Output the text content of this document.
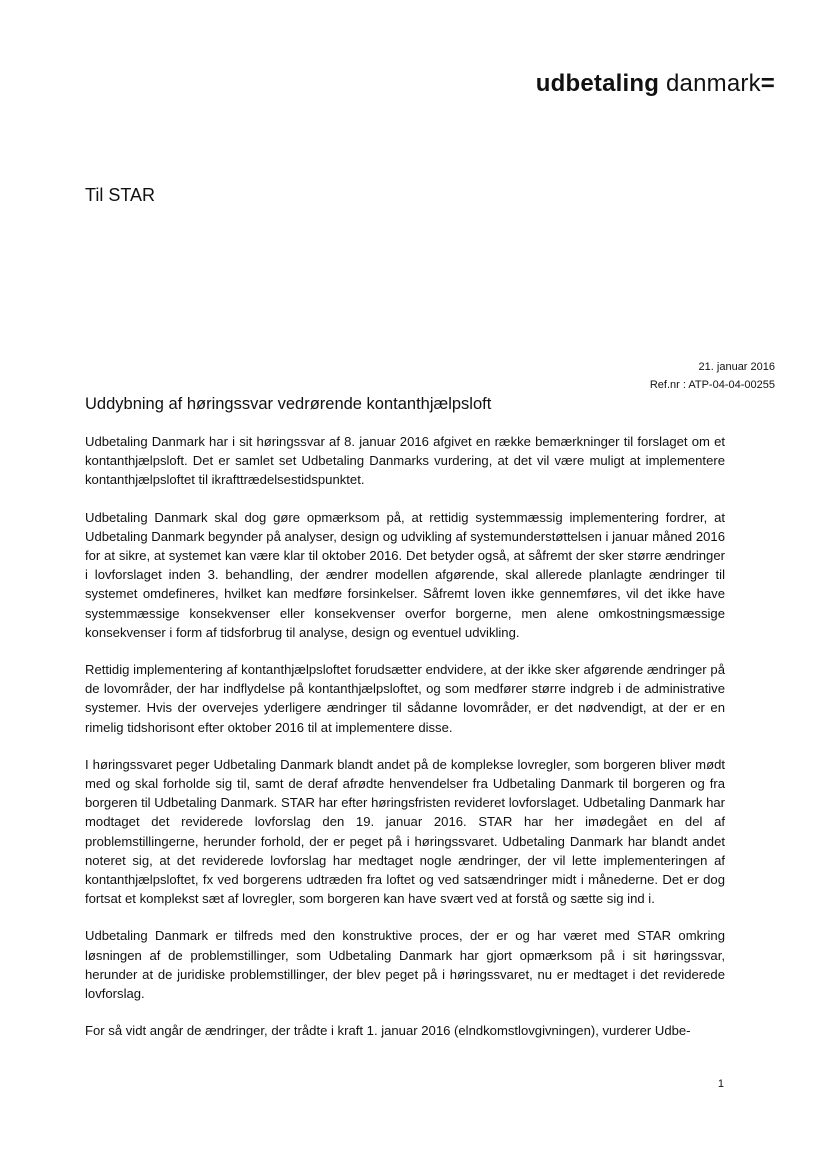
udbetaling danmark=
Til STAR
21. januar 2016
Ref.nr : ATP-04-04-00255
Uddybning af høringssvar vedrørende kontanthjælpsloft

Udbetaling Danmark har i sit høringssvar af 8. januar 2016 afgivet en række bemærkninger til forslaget om et kontanthjælpsloft. Det er samlet set Udbetaling Danmarks vurdering, at det vil være muligt at implementere kontanthjælpsloftet til ikrafttrædelsestidspunktet.

Udbetaling Danmark skal dog gøre opmærksom på, at rettidig systemmæssig implementering fordrer, at Udbetaling Danmark begynder på analyser, design og udvikling af systemunderstøttelsen i januar måned 2016 for at sikre, at systemet kan være klar til oktober 2016. Det betyder også, at såfremt der sker større ændringer i lovforslaget inden 3. behandling, der ændrer modellen afgørende, skal allerede planlagte ændringer til systemet omdefineres, hvilket kan medføre forsinkelser. Såfremt loven ikke gennemføres, vil det ikke have systemmæssige konsekvenser eller konsekvenser overfor borgerne, men alene omkostningsmæssige konsekvenser i form af tidsforbrug til analyse, design og eventuel udvikling.

Rettidig implementering af kontanthjælpsloftet forudsætter endvidere, at der ikke sker afgørende ændringer på de lovområder, der har indflydelse på kontanthjælpsloftet, og som medfører større indgreb i de administrative systemer. Hvis der overvejes yderligere ændringer til sådanne lovområder, er det nødvendigt, at der er en rimelig tidshorisont efter oktober 2016 til at implementere disse.

I høringssvaret peger Udbetaling Danmark blandt andet på de komplekse lovregler, som borgeren bliver mødt med og skal forholde sig til, samt de deraf afrødte henvendelser fra Udbetaling Danmark til borgeren og fra borgeren til Udbetaling Danmark. STAR har efter høringsfristen revideret lovforslaget. Udbetaling Danmark har modtaget det reviderede lovforslag den 19. januar 2016. STAR har her imødegået en del af problemstillingerne, herunder forhold, der er peget på i høringssvaret. Udbetaling Danmark har blandt andet noteret sig, at det reviderede lovforslag har medtaget nogle ændringer, der vil lette implementeringen af kontanthjælpsloftet, fx ved borgerens udtræden fra loftet og ved satsændringer midt i månederne. Det er dog fortsat et komplekst sæt af lovregler, som borgeren kan have svært ved at forstå og sætte sig ind i.

Udbetaling Danmark er tilfreds med den konstruktive proces, der er og har været med STAR omkring løsningen af de problemstillinger, som Udbetaling Danmark har gjort opmærksom på i sit høringssvar, herunder at de juridiske problemstillinger, der blev peget på i høringssvaret, nu er medtaget i det reviderede lovforslag.

For så vidt angår de ændringer, der trådte i kraft 1. januar 2016 (elndkomstlovgivningen), vurderer Udbe-

1
